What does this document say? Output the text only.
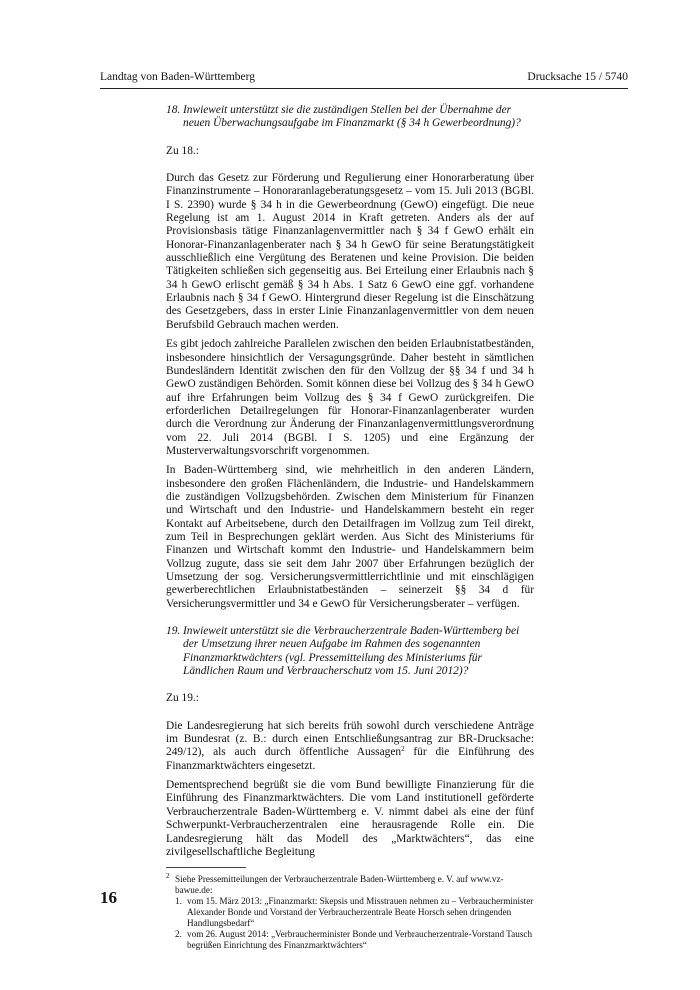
Landtag von Baden-Württemberg	Drucksache 15 / 5740
18. Inwieweit unterstützt sie die zuständigen Stellen bei der Übernahme der neuen Überwachungsaufgabe im Finanzmarkt (§ 34 h Gewerbeordnung)?
Zu 18.:

Durch das Gesetz zur Förderung und Regulierung einer Honorarberatung über Finanzinstrumente – Honoraranlageberatungsgesetz – vom 15. Juli 2013 (BGBl. I S. 2390) wurde § 34 h in die Gewerbeordnung (GewO) eingefügt. Die neue Regelung ist am 1. August 2014 in Kraft getreten. Anders als der auf Provisionsbasis tätige Finanzanlagenvermittler nach § 34 f GewO erhält ein Honorar-Finanzanlagenberater nach § 34 h GewO für seine Beratungstätigkeit ausschließlich eine Vergütung des Beratenen und keine Provision. Die beiden Tätigkeiten schließen sich gegenseitig aus. Bei Erteilung einer Erlaubnis nach § 34 h GewO erlischt gemäß § 34 h Abs. 1 Satz 6 GewO eine ggf. vorhandene Erlaubnis nach § 34 f GewO. Hintergrund dieser Regelung ist die Einschätzung des Gesetzgebers, dass in erster Linie Finanzanlagenvermittler von dem neuen Berufsbild Gebrauch machen werden.

Es gibt jedoch zahlreiche Parallelen zwischen den beiden Erlaubnistatbeständen, insbesondere hinsichtlich der Versagungsgründe. Daher besteht in sämtlichen Bundesländern Identität zwischen den für den Vollzug der §§ 34 f und 34 h GewO zuständigen Behörden. Somit können diese bei Vollzug des § 34 h GewO auf ihre Erfahrungen beim Vollzug des § 34 f GewO zurückgreifen. Die erforderlichen Detailregelungen für Honorar-Finanzanlagenberater wurden durch die Verordnung zur Änderung der Finanzanlagenvermittlungsverordnung vom 22. Juli 2014 (BGBl. I S. 1205) und eine Ergänzung der Musterverwaltungsvorschrift vorgenommen.

In Baden-Württemberg sind, wie mehrheitlich in den anderen Ländern, insbesondere den großen Flächenländern, die Industrie- und Handelskammern die zuständigen Vollzugsbehörden. Zwischen dem Ministerium für Finanzen und Wirtschaft und den Industrie- und Handelskammern besteht ein reger Kontakt auf Arbeitsebene, durch den Detailfragen im Vollzug zum Teil direkt, zum Teil in Besprechungen geklärt werden. Aus Sicht des Ministeriums für Finanzen und Wirtschaft kommt den Industrie- und Handelskammern beim Vollzug zugute, dass sie seit dem Jahr 2007 über Erfahrungen bezüglich der Umsetzung der sog. Versicherungsvermittlerrichtlinie und mit einschlägigen gewerberechtlichen Erlaubnistatbeständen – seinerzeit §§ 34 d für Versicherungsvermittler und 34 e GewO für Versicherungsberater – verfügen.

19. Inwieweit unterstützt sie die Verbraucherzentrale Baden-Württemberg bei der Umsetzung ihrer neuen Aufgabe im Rahmen des sogenannten Finanzmarktwächters (vgl. Pressemitteilung des Ministeriums für Ländlichen Raum und Verbraucherschutz vom 15. Juni 2012)?
Zu 19.:

Die Landesregierung hat sich bereits früh sowohl durch verschiedene Anträge im Bundesrat (z. B.: durch einen Entschließungsantrag zur BR-Drucksache: 249/12), als auch durch öffentliche Aussagen$^2$ für die Einführung des Finanzmarktwächters eingesetzt.

Dementsprechend begrüßt sie die vom Bund bewilligte Finanzierung für die Einführung des Finanzmarktwächters. Die vom Land institutionell geförderte Verbraucherzentrale Baden-Württemberg e. V. nimmt dabei als eine der fünf Schwerpunkt-Verbraucherzentralen eine herausragende Rolle ein. Die Landesregierung hält das Modell des „Marktwächters“, das eine zivilgesellschaftliche Begleitung

$^2$ Siehe Pressemitteilungen der Verbraucherzentrale Baden-Württemberg e. V. auf www.vz-bawue.de:
1. vom 15. März 2013: „Finanzmarkt: Skepsis und Misstrauen nehmen zu – Verbraucherminister Alexander Bonde und Vorstand der Verbraucherzentrale Beate Horsch sehen dringenden Handlungsbedarf“
2. vom 26. August 2014: „Verbraucherminister Bonde und Verbraucherzentrale-Vorstand Tausch begrüßen Einrichtung des Finanzmarktwächters“
16
